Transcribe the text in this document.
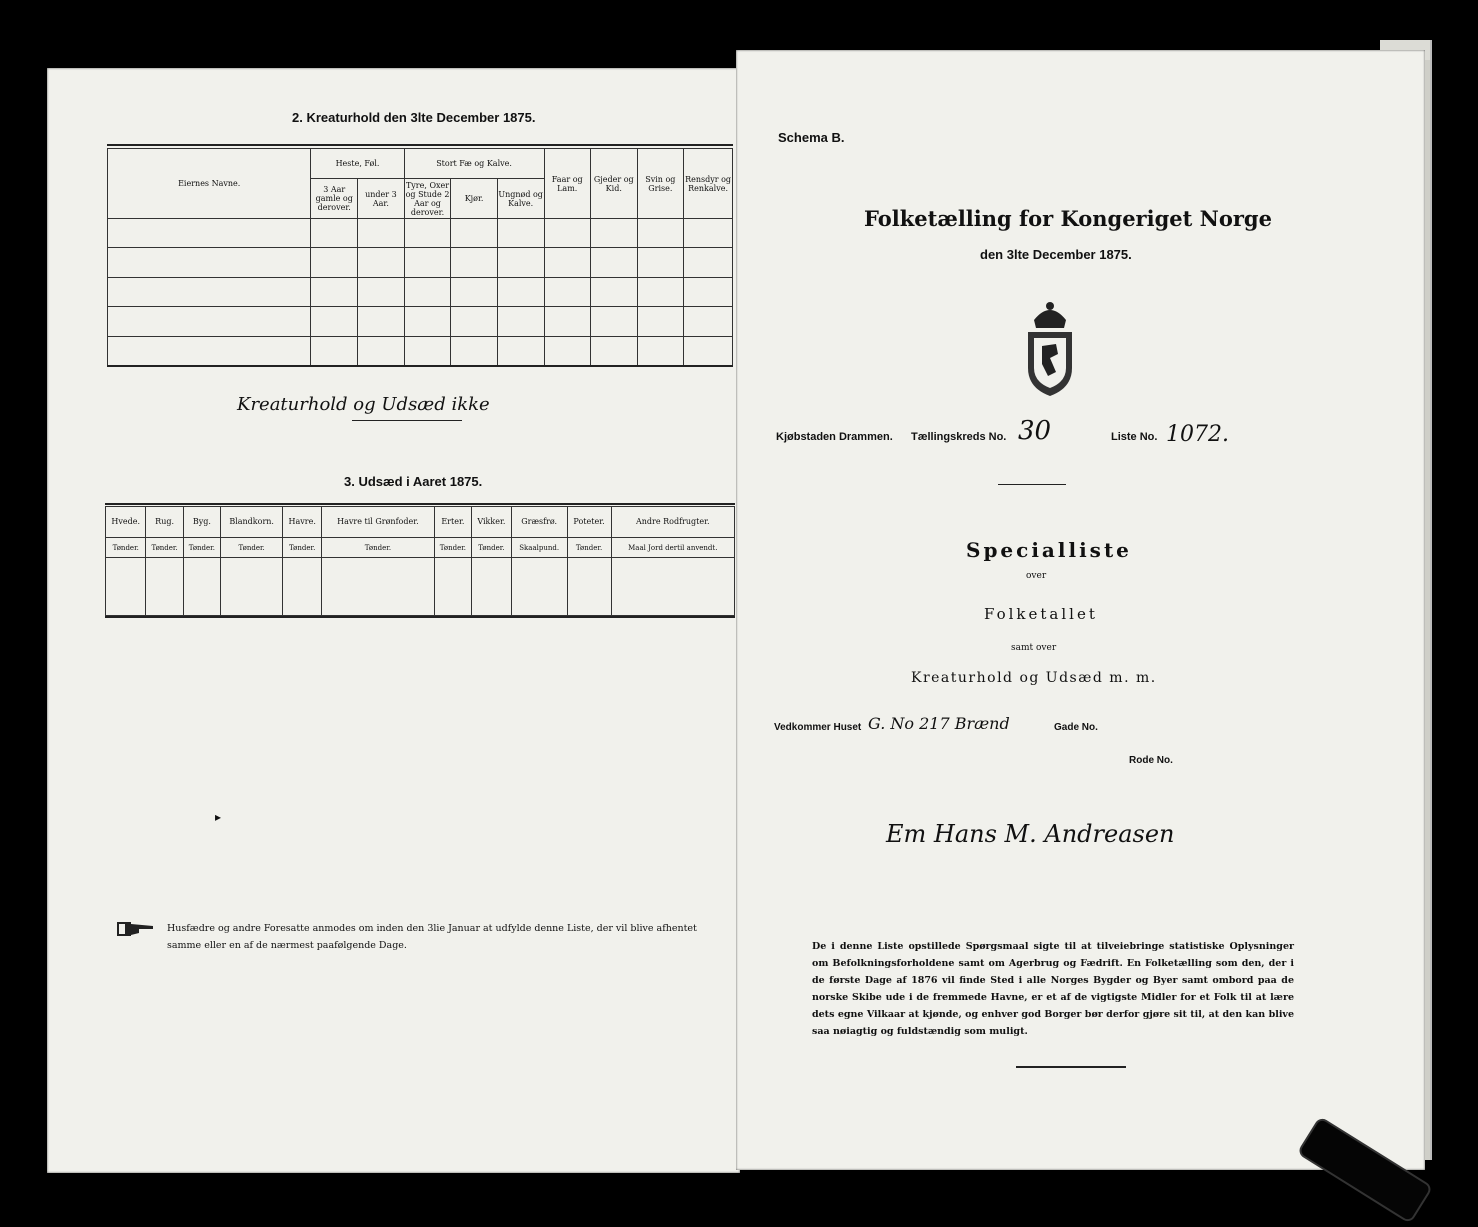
2. Kreaturhold den 3lte December 1875.
Eiernes Navne.	Heste, Føl.		Stort Fæ og Kalve.			Faar og Lam.	Gjeder og Kid.	Svin og Grise.	Rensdyr og Renkalve.
	3 Aar gamle og derover.	under 3 Aar.	Tyre, Oxer og Stude 2 Aar og derover.	Kjør.	Ungnød og Kalve.				

Kreaturhold og Udsæd ikke
3. Udsæd i Aaret 1875.
Hvede.	Rug.	Byg.	Blandkorn.	Havre.	Havre til Grønfoder.	Erter.	Vikker.	Græsfrø.	Poteter.	Andre Rodfrugter.
Tønder.	Tønder.	Tønder.	Tønder.	Tønder.	Tønder.	Tønder.	Tønder.	Skaalpund.	Tønder.	Maal Jord dertil anvendt.

▸
Husfædre og andre Foresatte anmodes om inden den 3lie Januar at udfylde denne Liste, der vil blive afhentet samme eller en af de nærmest paafølgende Dage.
Schema B.
Folketælling for Kongeriget Norge
den 3lte December 1875.
Kjøbstaden Drammen. Tællingskreds No. 30	Liste No. 1072.
Specialliste
over
Folketallet
samt over
Kreaturhold og Udsæd m. m.
Vedkommer Huset G. No 217 Brænd	Gade No.
Rode No.
Em Hans M. Andreasen
De i denne Liste opstillede Spørgsmaal sigte til at tilveiebringe statistiske Oplysninger om Befolkningsforholdene samt om Agerbrug og Fædrift. En Folketælling som den, der i de første Dage af 1876 vil finde Sted i alle Norges Bygder og Byer samt ombord paa de norske Skibe ude i de fremmede Havne, er et af de vigtigste Midler for et Folk til at lære dets egne Vilkaar at kjønde, og enhver god Borger bør derfor gjøre sit til, at den kan blive saa nøiagtig og fuldstændig som muligt.
